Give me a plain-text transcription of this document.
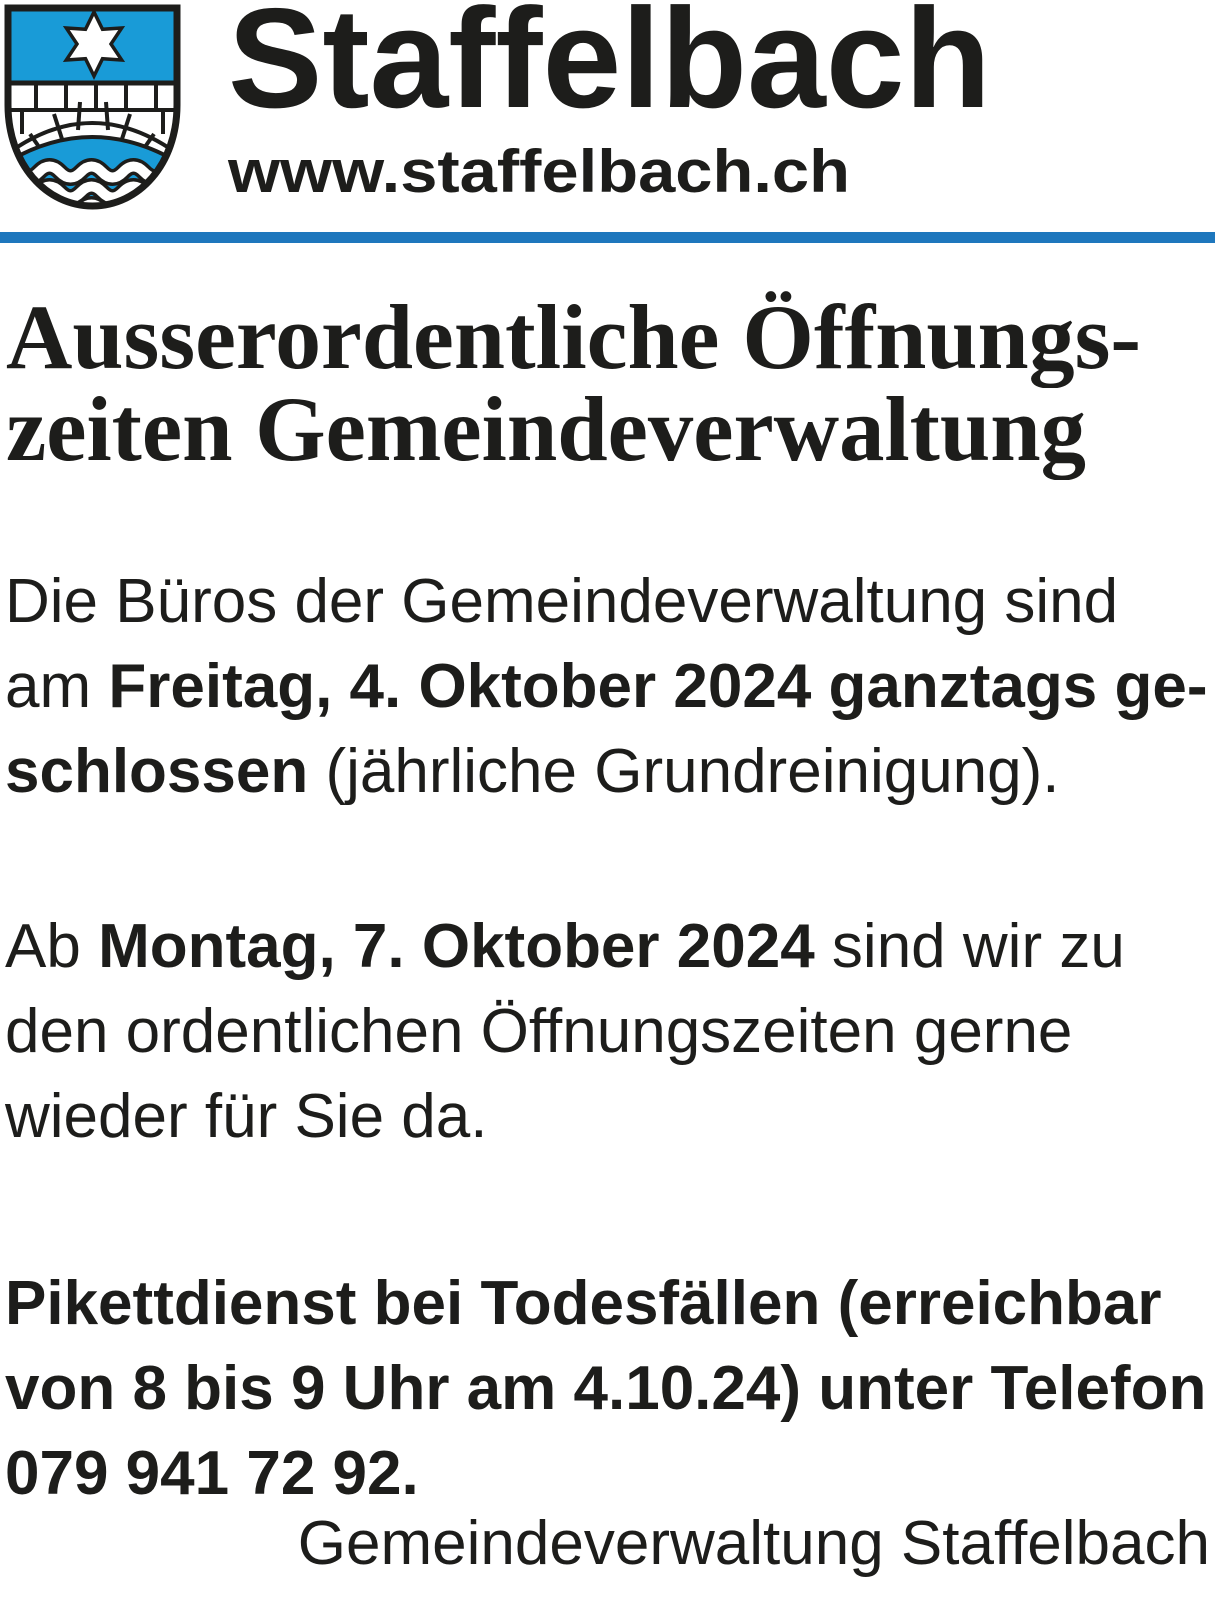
Staffelbach
www.staffelbach.ch
Ausserordentliche Öffnungs-
zeiten Gemeindeverwaltung
Die Büros der Gemeindeverwaltung sind
am Freitag, 4. Oktober 2024 ganztags ge-
schlossen (jährliche Grundreinigung).
Ab Montag, 7. Oktober 2024 sind wir zu
den ordentlichen Öffnungszeiten gerne
wieder für Sie da.
Pikettdienst bei Todesfällen (erreichbar
von 8 bis 9 Uhr am 4.10.24) unter Telefon
079 941 72 92.
Gemeindeverwaltung Staffelbach
